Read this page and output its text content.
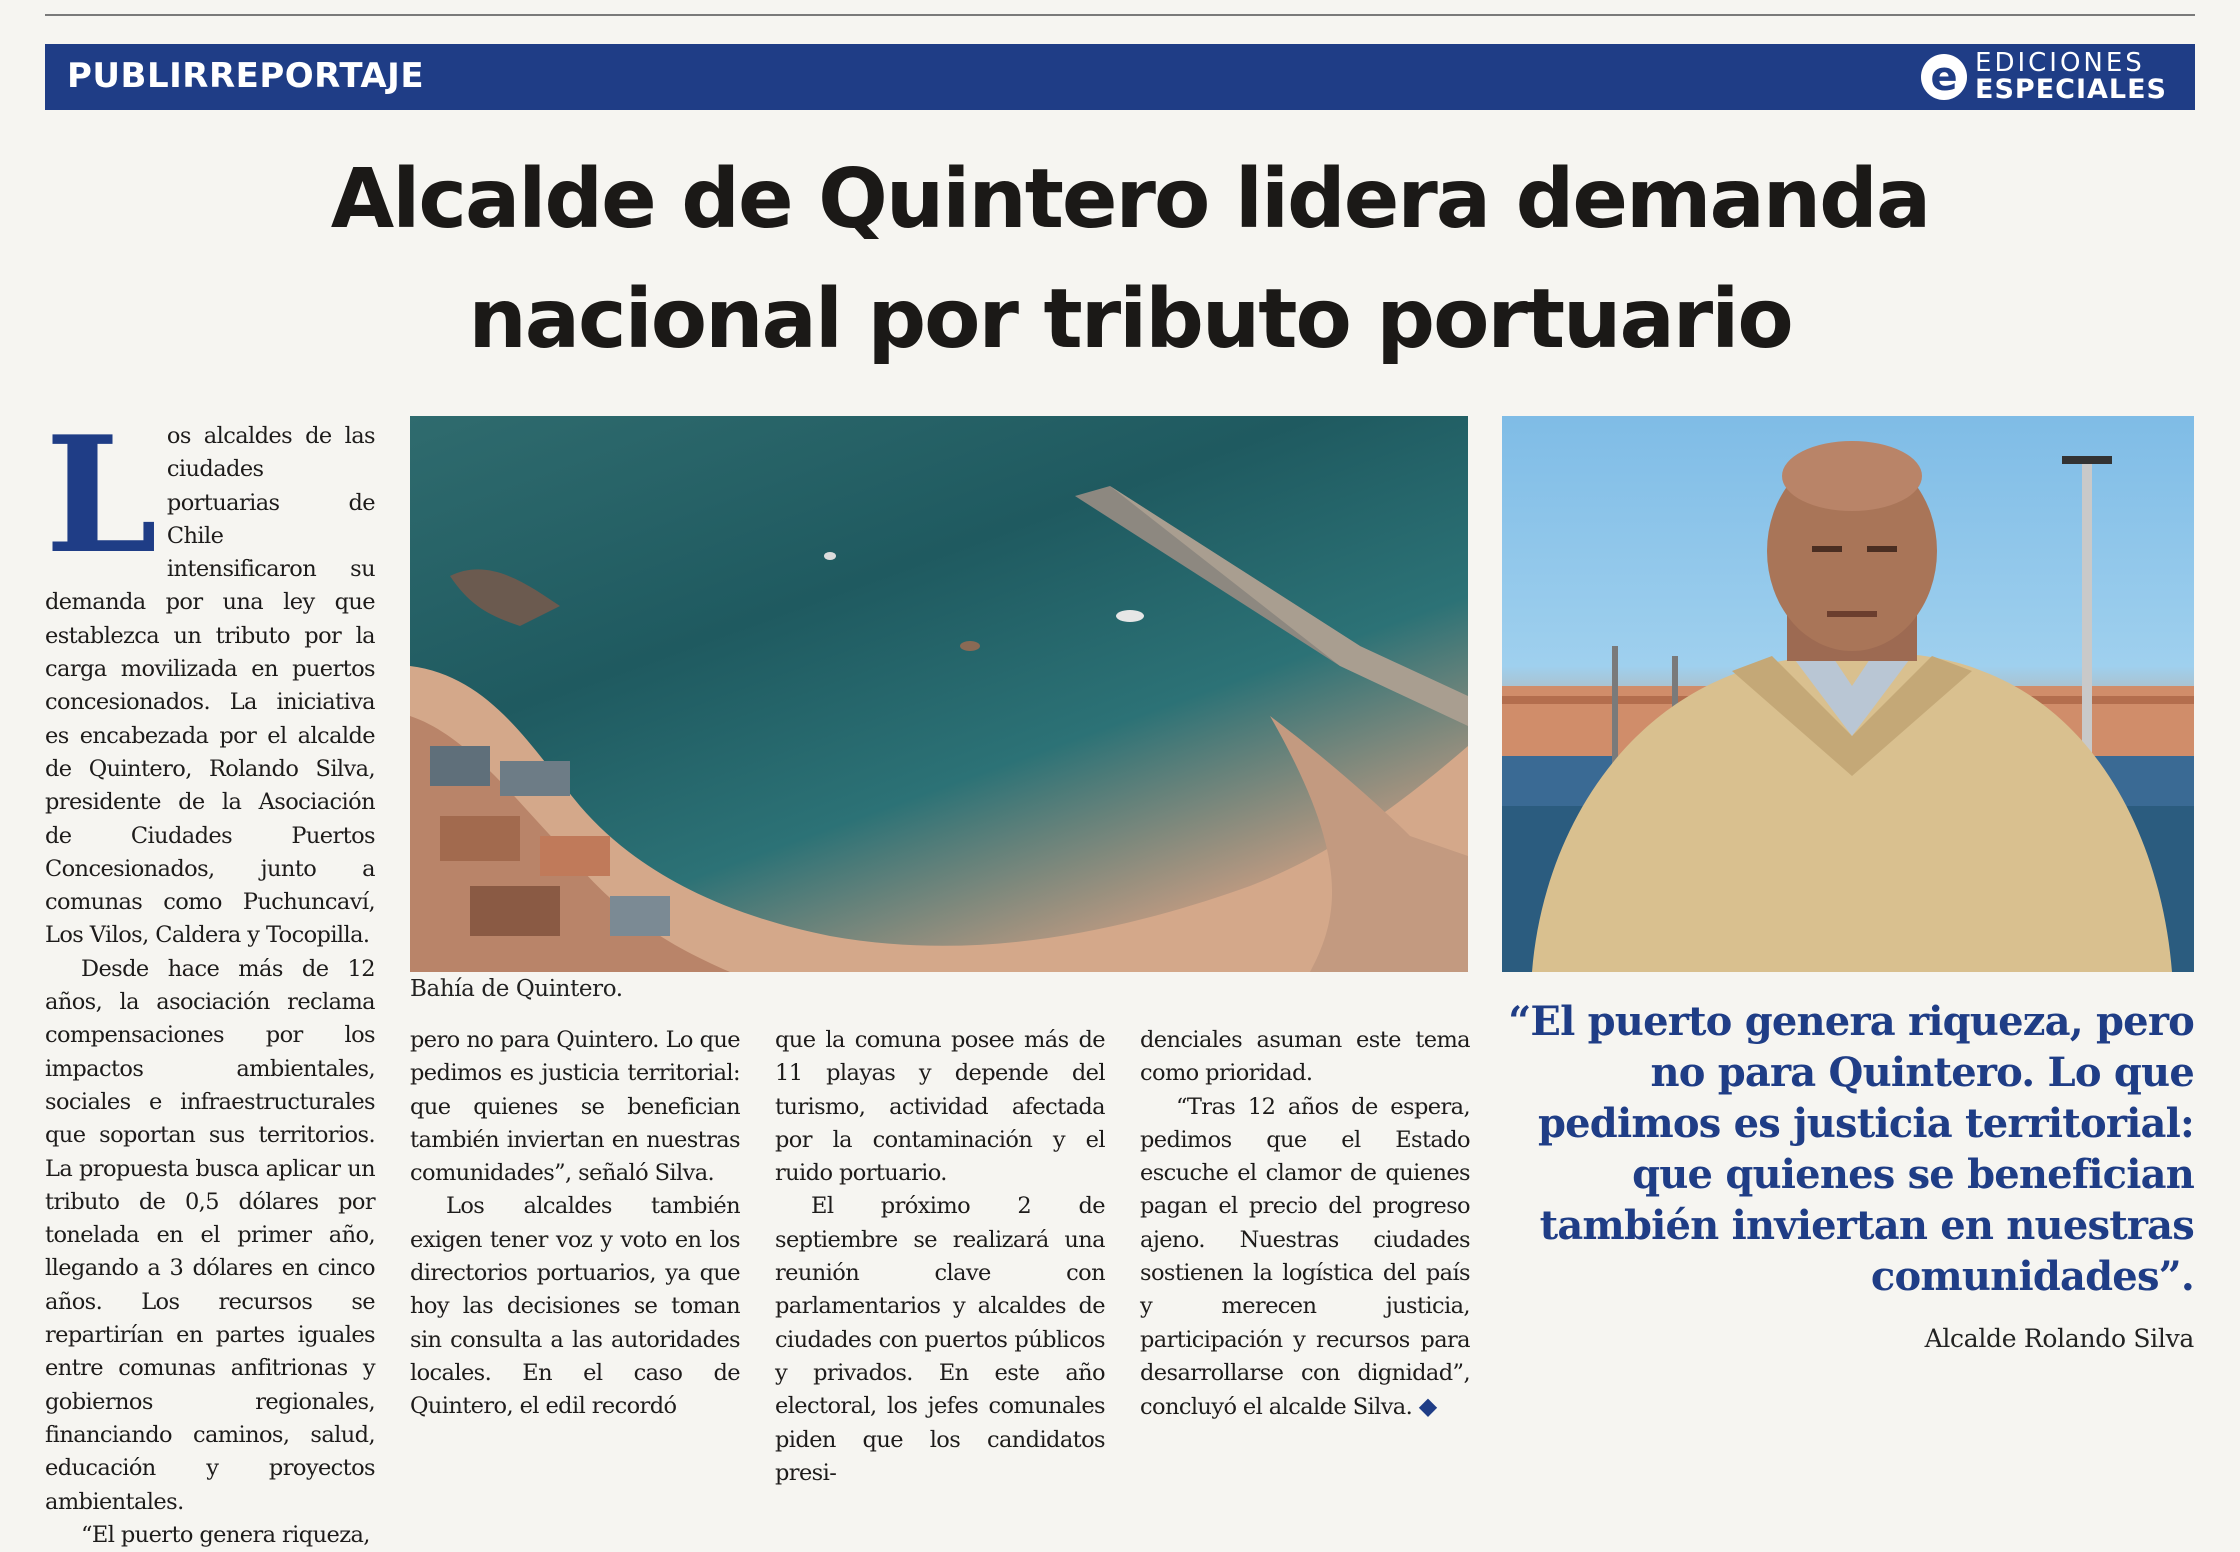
PUBLIRREPORTAJE	e EDICIONES
ESPECIALES
Alcalde de Quintero lidera demanda
nacional por tributo portuario

Los alcaldes de las ciudades portuarias de Chile intensificaron su demanda por una ley que establezca un tributo por la carga movilizada en puertos concesionados. La iniciativa es encabezada por el alcalde de Quintero, Rolando Silva, presidente de la Asociación de Ciudades Puertos Concesionados, junto a comunas como Puchuncaví, Los Vilos, Caldera y Tocopilla.

Desde hace más de 12 años, la asociación reclama compensaciones por los impactos ambientales, sociales e infraestructurales que soportan sus territorios. La propuesta busca aplicar un tributo de 0,5 dólares por tonelada en el primer año, llegando a 3 dólares en cinco años. Los recursos se repartirían en partes iguales entre comunas anfitrionas y gobiernos regionales, financiando caminos, salud, educación y proyectos ambientales.

“El puerto genera riqueza,

Bahía de Quintero.

pero no para Quintero. Lo que pedimos es justicia territorial: que quienes se benefician también inviertan en nuestras comunidades”, señaló Silva.

Los alcaldes también exigen tener voz y voto en los directorios portuarios, ya que hoy las decisiones se toman sin consulta a las autoridades locales. En el caso de Quintero, el edil recordó

que la comuna posee más de 11 playas y depende del turismo, actividad afectada por la contaminación y el ruido portuario.

El próximo 2 de septiembre se realizará una reunión clave con parlamentarios y alcaldes de ciudades con puertos públicos y privados. En este año electoral, los jefes comunales piden que los candidatos presi-

denciales asuman este tema como prioridad.

“Tras 12 años de espera, pedimos que el Estado escuche el clamor de quienes pagan el precio del progreso ajeno. Nuestras ciudades sostienen la logística del país y merecen justicia, participación y recursos para desarrollarse con dignidad”, concluyó el alcalde Silva. ◆

“El puerto genera riqueza, pero no para Quintero. Lo que pedimos es justicia territorial: que quienes se benefician también inviertan en nuestras comunidades”.

Alcalde Rolando Silva
